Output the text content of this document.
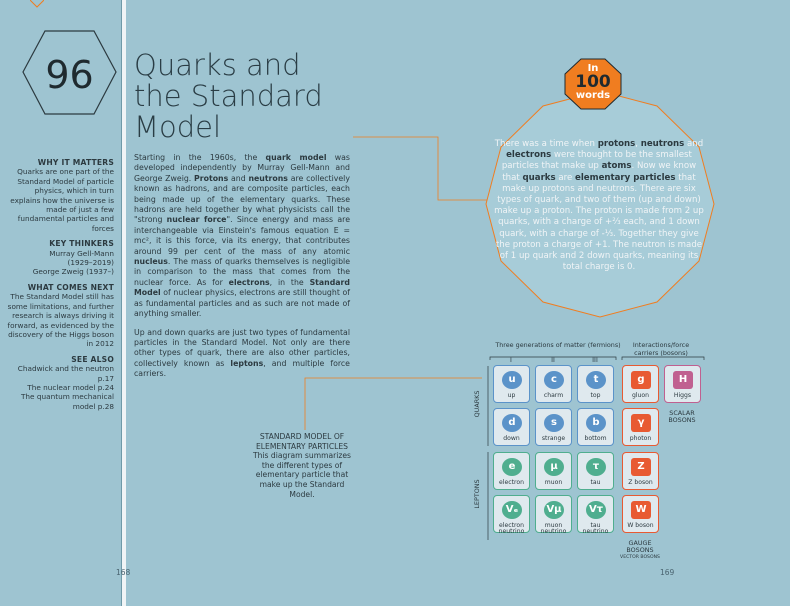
96 Quarks and
the Standard
Model
WHY IT MATTERS

Quarks are one part of the Standard Model of particle physics, which in turn explains how the universe is made of just a few fundamental particles and forces

KEY THINKERS

Murray Gell-Mann

(1929–2019)

George Zweig (1937–)

WHAT COMES NEXT

The Standard Model still has some limitations, and further research is always driving it forward, as evidenced by the discovery of the Higgs boson in 2012

SEE ALSO

Chadwick and the neutron p.17

The nuclear model p.24

The quantum mechanical model p.28

Starting in the 1960s, the quark model was developed independently by Murray Gell-Mann and George Zweig. Protons and neutrons are collectively known as hadrons, and are composite particles, each being made up of the elementary quarks. These hadrons are held together by what physicists call the "strong nuclear force". Since energy and mass are interchangeable via Einstein's famous equation E = mc², it is this force, via its energy, that contributes around 99 per cent of the mass of any atomic nucleus. The mass of quarks themselves is negligible in comparison to the mass that comes from the nuclear force. As for electrons, in the Standard Model of nuclear physics, electrons are still thought of as fundamental particles and as such are not made of anything smaller.

Up and down quarks are just two types of fundamental particles in the Standard Model. Not only are there other types of quark, there are also other particles, collectively known as leptons, and multiple force carriers.

STANDARD MODEL OF ELEMENTARY PARTICLES This diagram summarizes the different types of elementary particle that make up the Standard Model.
168	169
In
100
words
There was a time when protons, neutrons and electrons were thought to be the smallest particles that make up atoms. Now we know that quarks are elementary particles that make up protons and neutrons. There are six types of quark, and two of them (up and down) make up a proton. The proton is made from 2 up quarks, with a charge of +⅔ each, and 1 down quark, with a charge of -⅓. Together they give the proton a charge of +1. The neutron is made of 1 up quark and 2 down quarks, meaning its total charge is 0.
Three generations of matter (fermions)	Interactions/force carriers (bosons)
I	II	III
QUARKS
LEPTONS
u
up
c
charm
t
top
d
down
s
strange
b
bottom
e
electron
μ
muon
τ
tau
Vₑ
electron neutrino
Vµ
muon neutrino
Vτ
tau neutrino
g
gluon
H
Higgs
γ
photon
Z
Z boson
W
W boson
SCALAR BOSONS
GAUGE BOSONS
VECTOR BOSONS
